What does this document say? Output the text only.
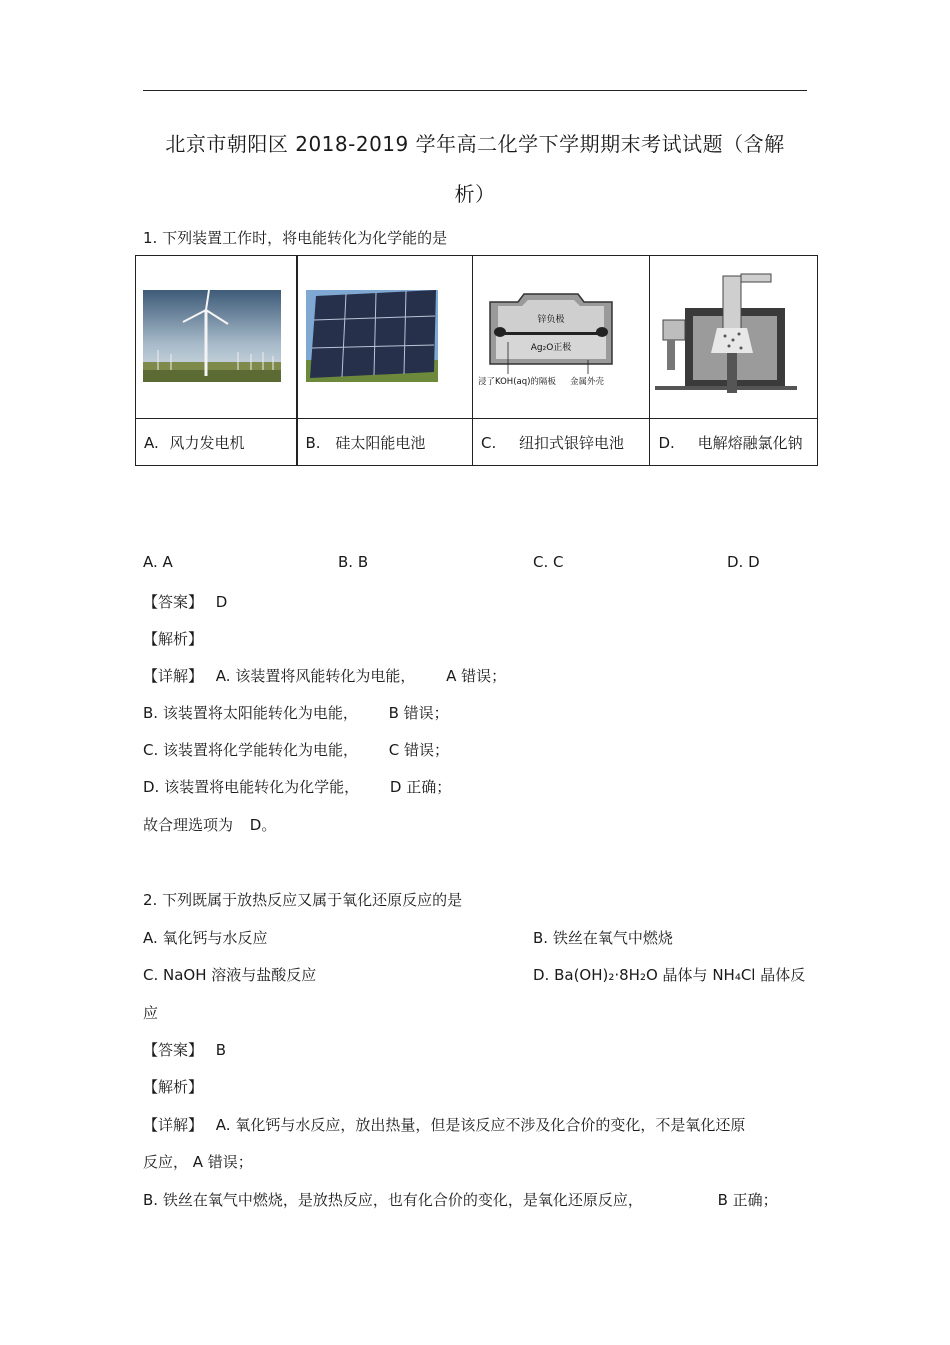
北京市朝阳区 2018-2019 学年高二化学下学期期末考试试题（含解
析）
1. 下列装置工作时，将电能转化为化学能的是

锌负极
Ag₂O正极
浸了KOH(aq)的隔板 金属外壳

A. 风力发电机	B. 硅太阳能电池	C. 纽扣式银锌电池	D. 电解熔融氯化钠
A. A	B. B	C. C	D. D
【答案】 D
【解析】
【详解】 A. 该装置将风能转化为电能， A 错误；
B. 该装置将太阳能转化为电能， B 错误；
C. 该装置将化学能转化为电能， C 错误；
D. 该装置将电能转化为化学能， D 正确；
故合理选项为 D。
2. 下列既属于放热反应又属于氧化还原反应的是
A. 氧化钙与水反应	B. 铁丝在氧气中燃烧
C. NaOH 溶液与盐酸反应	D. Ba(OH)₂·8H₂O 晶体与 NH₄Cl 晶体反
应
【答案】 B
【解析】
【详解】 A. 氧化钙与水反应，放出热量，但是该反应不涉及化合价的变化，不是氧化还原
反应， A 错误；
B. 铁丝在氧气中燃烧，是放热反应，也有化合价的变化，是氧化还原反应，	B 正确；
